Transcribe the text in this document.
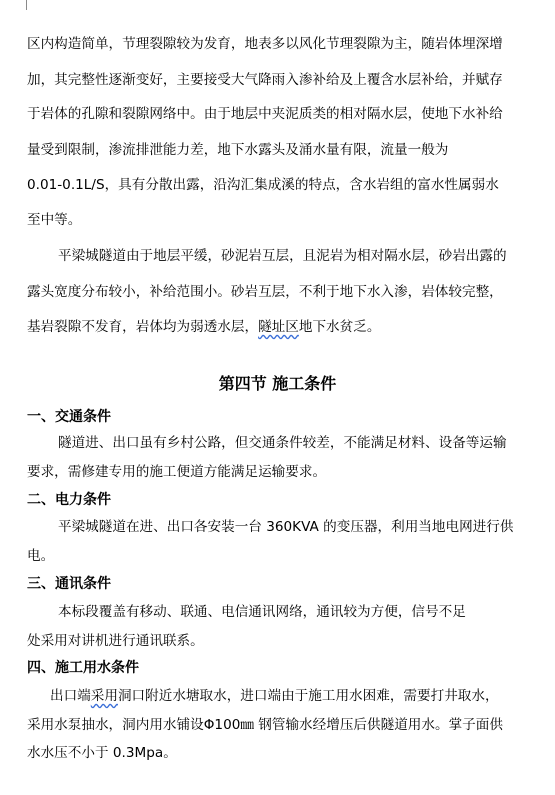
区内构造简单，节理裂隙较为发育，地表多以风化节理裂隙为主，随岩体埋深增
加，其完整性逐渐变好，主要接受大气降雨入渗补给及上覆含水层补给，并赋存
于岩体的孔隙和裂隙网络中。由于地层中夹泥质类的相对隔水层，使地下水补给
量受到限制，渗流排泄能力差，地下水露头及涌水量有限，流量一般为
0.01-0.1L/S，具有分散出露，沿沟汇集成溪的特点，含水岩组的富水性属弱水
至中等。
平梁城隧道由于地层平缓，砂泥岩互层，且泥岩为相对隔水层，砂岩出露的
露头宽度分布较小，补给范围小。砂岩互层，不利于地下水入渗，岩体较完整，
基岩裂隙不发育，岩体均为弱透水层，隧址区地下水贫乏。
第四节 施工条件
一、交通条件
隧道进、出口虽有乡村公路，但交通条件较差，不能满足材料、设备等运输
要求，需修建专用的施工便道方能满足运输要求。
二、电力条件
平梁城隧道在进、出口各安装一台 360KVA 的变压器，利用当地电网进行供
电。
三、通讯条件
本标段覆盖有移动、联通、电信通讯网络，通讯较为方便，信号不足
处采用对讲机进行通讯联系。
四、施工用水条件
出口端采用洞口附近水塘取水，进口端由于施工用水困难，需要打井取水，
采用水泵抽水，洞内用水铺设Φ100㎜ 钢管输水经增压后供隧道用水。掌子面供
水水压不小于 0.3Mpa。
